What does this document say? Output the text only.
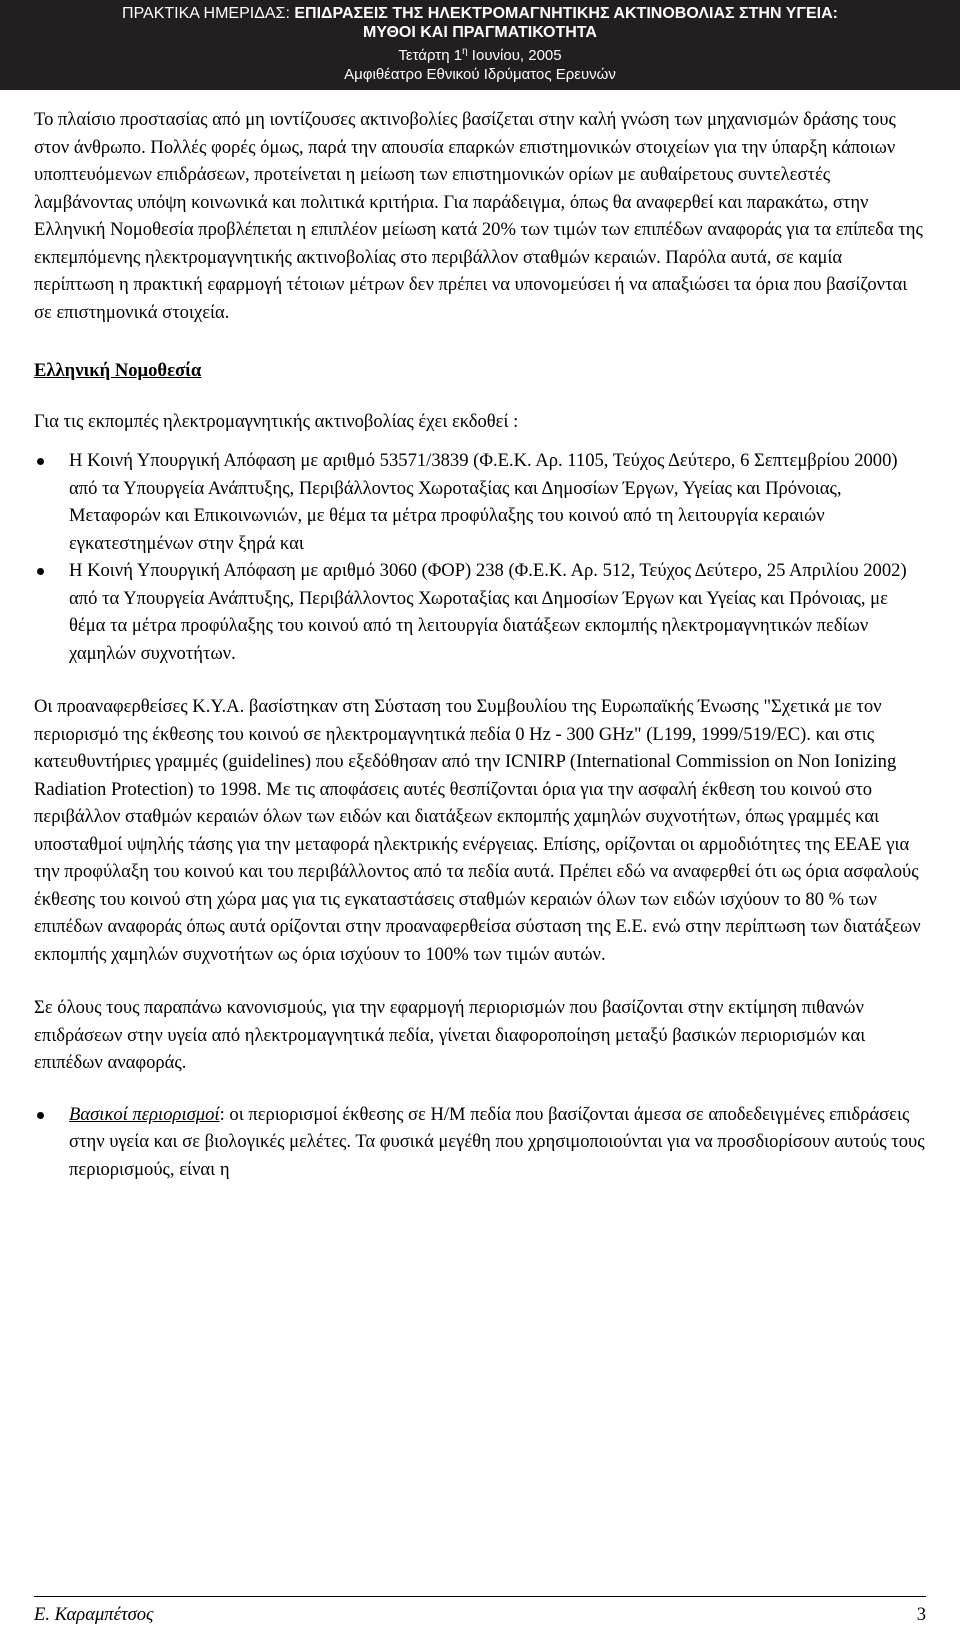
ΠΡΑΚΤΙΚΑ ΗΜΕΡΙΔΑΣ: ΕΠΙΔΡΑΣΕΙΣ ΤΗΣ ΗΛΕΚΤΡΟΜΑΓΝΗΤΙΚΗΣ ΑΚΤΙΝΟΒΟΛΙΑΣ ΣΤΗΝ ΥΓΕΙΑ:
ΜΥΘΟΙ ΚΑΙ ΠΡΑΓΜΑΤΙΚΟΤΗΤΑ
Τετάρτη $1^\eta$ Ιουνίου, 2005
Αμφιθέατρο Εθνικού Ιδρύματος Ερευνών

Το πλαίσιο προστασίας από μη ιοντίζουσες ακτινοβολίες βασίζεται στην καλή γνώση των μηχανισμών δράσης τους στον άνθρωπο. Πολλές φορές όμως, παρά την απουσία επαρκών επιστημονικών στοιχείων για την ύπαρξη κάποιων υποπτευόμενων επιδράσεων, προτείνεται η μείωση των επιστημονικών ορίων με αυθαίρετους συντελεστές λαμβάνοντας υπόψη κοινωνικά και πολιτικά κριτήρια. Για παράδειγμα, όπως θα αναφερθεί και παρακάτω, στην Ελληνική Νομοθεσία προβλέπεται η επιπλέον μείωση κατά 20% των τιμών των επιπέδων αναφοράς για τα επίπεδα της εκπεμπόμενης ηλεκτρομαγνητικής ακτινοβολίας στο περιβάλλον σταθμών κεραιών. Παρόλα αυτά, σε καμία περίπτωση η πρακτική εφαρμογή τέτοιων μέτρων δεν πρέπει να υπονομεύσει ή να απαξιώσει τα όρια που βασίζονται σε επιστημονικά στοιχεία.

Ελληνική Νομοθεσία

Για τις εκπομπές ηλεκτρομαγνητικής ακτινοβολίας έχει εκδοθεί :

Η Κοινή Υπουργική Απόφαση με αριθμό 53571/3839 (Φ.Ε.Κ. Αρ. 1105, Τεύχος Δεύτερο, 6 Σεπτεμβρίου 2000) από τα Υπουργεία Ανάπτυξης, Περιβάλλοντος Χωροταξίας και Δημοσίων Έργων, Υγείας και Πρόνοιας, Μεταφορών και Επικοινωνιών, με θέμα τα μέτρα προφύλαξης του κοινού από τη λειτουργία κεραιών εγκατεστημένων στην ξηρά και
Η Κοινή Υπουργική Απόφαση με αριθμό 3060 (ΦΟΡ) 238 (Φ.Ε.Κ. Αρ. 512, Τεύχος Δεύτερο, 25 Απριλίου 2002) από τα Υπουργεία Ανάπτυξης, Περιβάλλοντος Χωροταξίας και Δημοσίων Έργων και Υγείας και Πρόνοιας, με θέμα τα μέτρα προφύλαξης του κοινού από τη λειτουργία διατάξεων εκπομπής ηλεκτρομαγνητικών πεδίων χαμηλών συχνοτήτων.

Οι προαναφερθείσες Κ.Υ.Α. βασίστηκαν στη Σύσταση του Συμβουλίου της Ευρωπαϊκής Ένωσης "Σχετικά με τον περιορισμό της έκθεσης του κοινού σε ηλεκτρομαγνητικά πεδία 0 Hz - 300 GHz" (L199, 1999/519/EC). και στις κατευθυντήριες γραμμές (guidelines) που εξεδόθησαν από την ICNIRP (International Commission on Non Ionizing Radiation Protection) το 1998. Με τις αποφάσεις αυτές θεσπίζονται όρια για την ασφαλή έκθεση του κοινού στο περιβάλλον σταθμών κεραιών όλων των ειδών και διατάξεων εκπομπής χαμηλών συχνοτήτων, όπως γραμμές και υποσταθμοί υψηλής τάσης για την μεταφορά ηλεκτρικής ενέργειας. Επίσης, ορίζονται οι αρμοδιότητες της ΕΕΑΕ για την προφύλαξη του κοινού και του περιβάλλοντος από τα πεδία αυτά. Πρέπει εδώ να αναφερθεί ότι ως όρια ασφαλούς έκθεσης του κοινού στη χώρα μας για τις εγκαταστάσεις σταθμών κεραιών όλων των ειδών ισχύουν το 80 % των επιπέδων αναφοράς όπως αυτά ορίζονται στην προαναφερθείσα σύσταση της Ε.Ε. ενώ στην περίπτωση των διατάξεων εκπομπής χαμηλών συχνοτήτων ως όρια ισχύουν το 100% των τιμών αυτών.

Σε όλους τους παραπάνω κανονισμούς, για την εφαρμογή περιορισμών που βασίζονται στην εκτίμηση πιθανών επιδράσεων στην υγεία από ηλεκτρομαγνητικά πεδία, γίνεται διαφοροποίηση μεταξύ βασικών περιορισμών και επιπέδων αναφοράς.

Βασικοί περιορισμοί: οι περιορισμοί έκθεσης σε Η/Μ πεδία που βασίζονται άμεσα σε αποδεδειγμένες επιδράσεις στην υγεία και σε βιολογικές μελέτες. Τα φυσικά μεγέθη που χρησιμοποιούνται για να προσδιορίσουν αυτούς τους περιορισμούς, είναι η
Ε. Καραμπέτσος	3
